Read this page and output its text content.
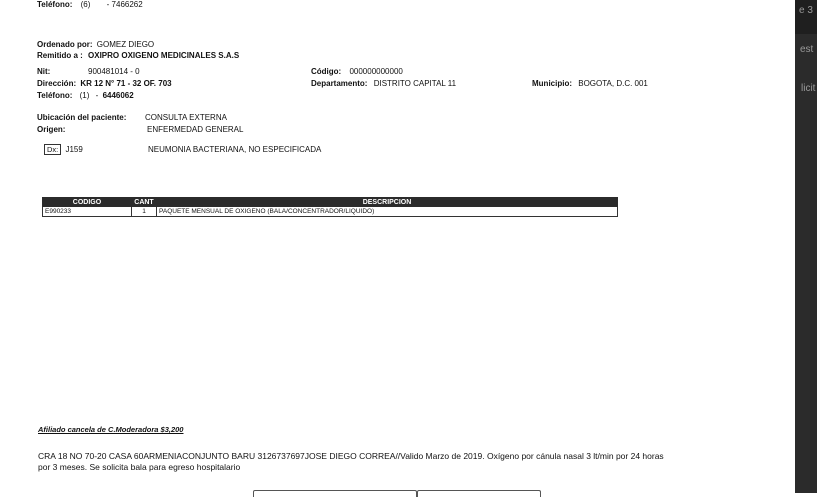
Teléfono: (6) - 7466262
Ordenado por: GOMEZ DIEGO
Remitido a : OXIPRO OXIGENO MEDICINALES S.A.S
Nit:	900481014 - 0	Código: 000000000000
Dirección: KR 12 N° 71 - 32 OF. 703	Departamento: DISTRITO CAPITAL 11	Municipio: BOGOTA, D.C. 001
Teléfono: (1) - 6446062
Ubicación del paciente: CONSULTA EXTERNA
Origen:	ENFERMEDAD GENERAL
Dx: J159	NEUMONIA BACTERIANA, NO ESPECIFICADA
CODIGO	CANT	DESCRIPCION
E990233	1	PAQUETE MENSUAL DE OXIGENO (BALA/CONCENTRADOR/LIQUIDO)
Afiliado cancela de C.Moderadora $3,200
CRA 18 NO 70-20 CASA 60ARMENIACONJUNTO BARU 3126737697JOSE DIEGO CORREA//Valido Marzo de 2019. Oxígeno por cánula nasal 3 lt/min por 24 horas por 3 meses. Se solicita bala para egreso hospitalario
e 3
est
licit
